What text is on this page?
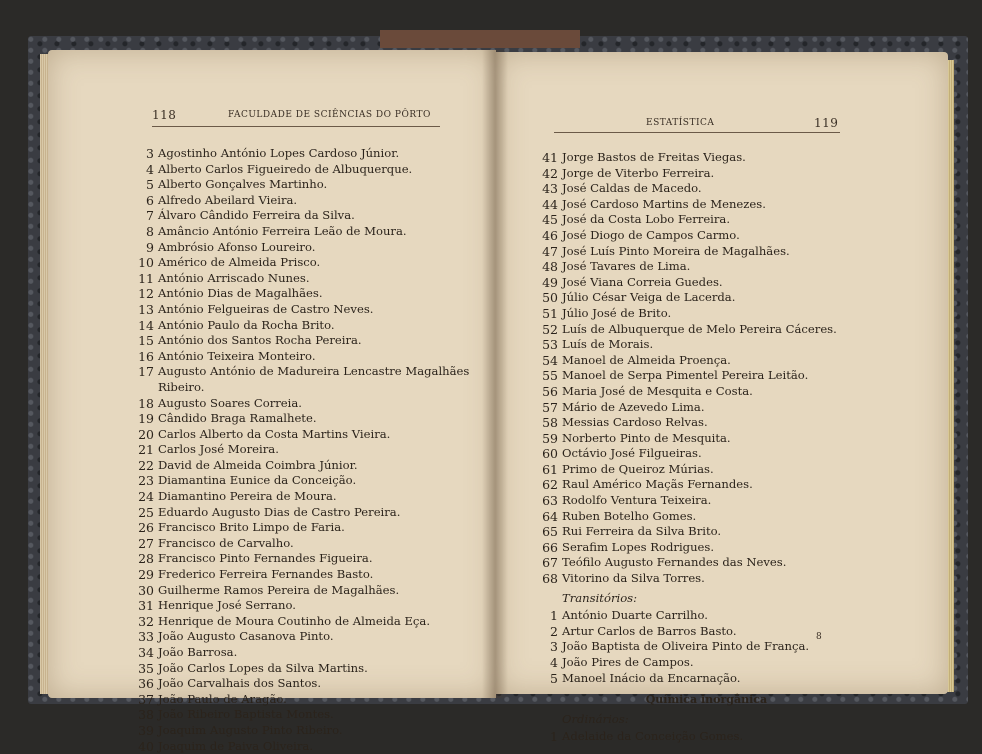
118	FACULDADE DE SCIÊNCIAS DO PÔRTO
3 Agostinho António Lopes Cardoso Júnior.
4 Alberto Carlos Figueiredo de Albuquerque.
5 Alberto Gonçalves Martinho.
6 Alfredo Abeilard Vieira.
7 Álvaro Cândido Ferreira da Silva.
8 Amâncio António Ferreira Leão de Moura.
9 Ambrósio Afonso Loureiro.
10 Américo de Almeida Prisco.
11 António Arriscado Nunes.
12 António Dias de Magalhães.
13 António Felgueiras de Castro Neves.
14 António Paulo da Rocha Brito.
15 António dos Santos Rocha Pereira.
16 António Teixeira Monteiro.
17 Augusto António de Madureira Lencastre Magalhães
Ribeiro.
18 Augusto Soares Correia.
19 Cândido Braga Ramalhete.
20 Carlos Alberto da Costa Martins Vieira.
21 Carlos José Moreira.
22 David de Almeida Coimbra Júnior.
23 Diamantina Eunice da Conceição.
24 Diamantino Pereira de Moura.
25 Eduardo Augusto Dias de Castro Pereira.
26 Francisco Brito Limpo de Faria.
27 Francisco de Carvalho.
28 Francisco Pinto Fernandes Figueira.
29 Frederico Ferreira Fernandes Basto.
30 Guilherme Ramos Pereira de Magalhães.
31 Henrique José Serrano.
32 Henrique de Moura Coutinho de Almeida Eça.
33 João Augusto Casanova Pinto.
34 João Barrosa.
35 João Carlos Lopes da Silva Martins.
36 João Carvalhais dos Santos.
37 João Paulo de Aragão.
38 João Ribeiro Baptista Montes.
39 Joaquim Augusto Pinto Ribeiro.
40 Joaquim de Paiva Oliveira.
ESTATÍSTICA	119
41 Jorge Bastos de Freitas Viegas.
42 Jorge de Viterbo Ferreira.
43 José Caldas de Macedo.
44 José Cardoso Martins de Menezes.
45 José da Costa Lobo Ferreira.
46 José Diogo de Campos Carmo.
47 José Luís Pinto Moreira de Magalhães.
48 José Tavares de Lima.
49 José Viana Correia Guedes.
50 Júlio César Veiga de Lacerda.
51 Júlio José de Brito.
52 Luís de Albuquerque de Melo Pereira Cáceres.
53 Luís de Morais.
54 Manoel de Almeida Proença.
55 Manoel de Serpa Pimentel Pereira Leitão.
56 Maria José de Mesquita e Costa.
57 Mário de Azevedo Lima.
58 Messias Cardoso Relvas.
59 Norberto Pinto de Mesquita.
60 Octávio José Filgueiras.
61 Primo de Queiroz Múrias.
62 Raul Américo Maçãs Fernandes.
63 Rodolfo Ventura Teixeira.
64 Ruben Botelho Gomes.
65 Rui Ferreira da Silva Brito.
66 Serafim Lopes Rodrigues.
67 Teófilo Augusto Fernandes das Neves.
68 Vitorino da Silva Torres.
Transitórios:
1 António Duarte Carrilho.
2 Artur Carlos de Barros Basto.
3 João Baptista de Oliveira Pinto de França.
4 João Pires de Campos.
5 Manoel Inácio da Encarnação.
Química inorgânica
Ordinários:
1 Adelaide da Conceição Gomes.
8
